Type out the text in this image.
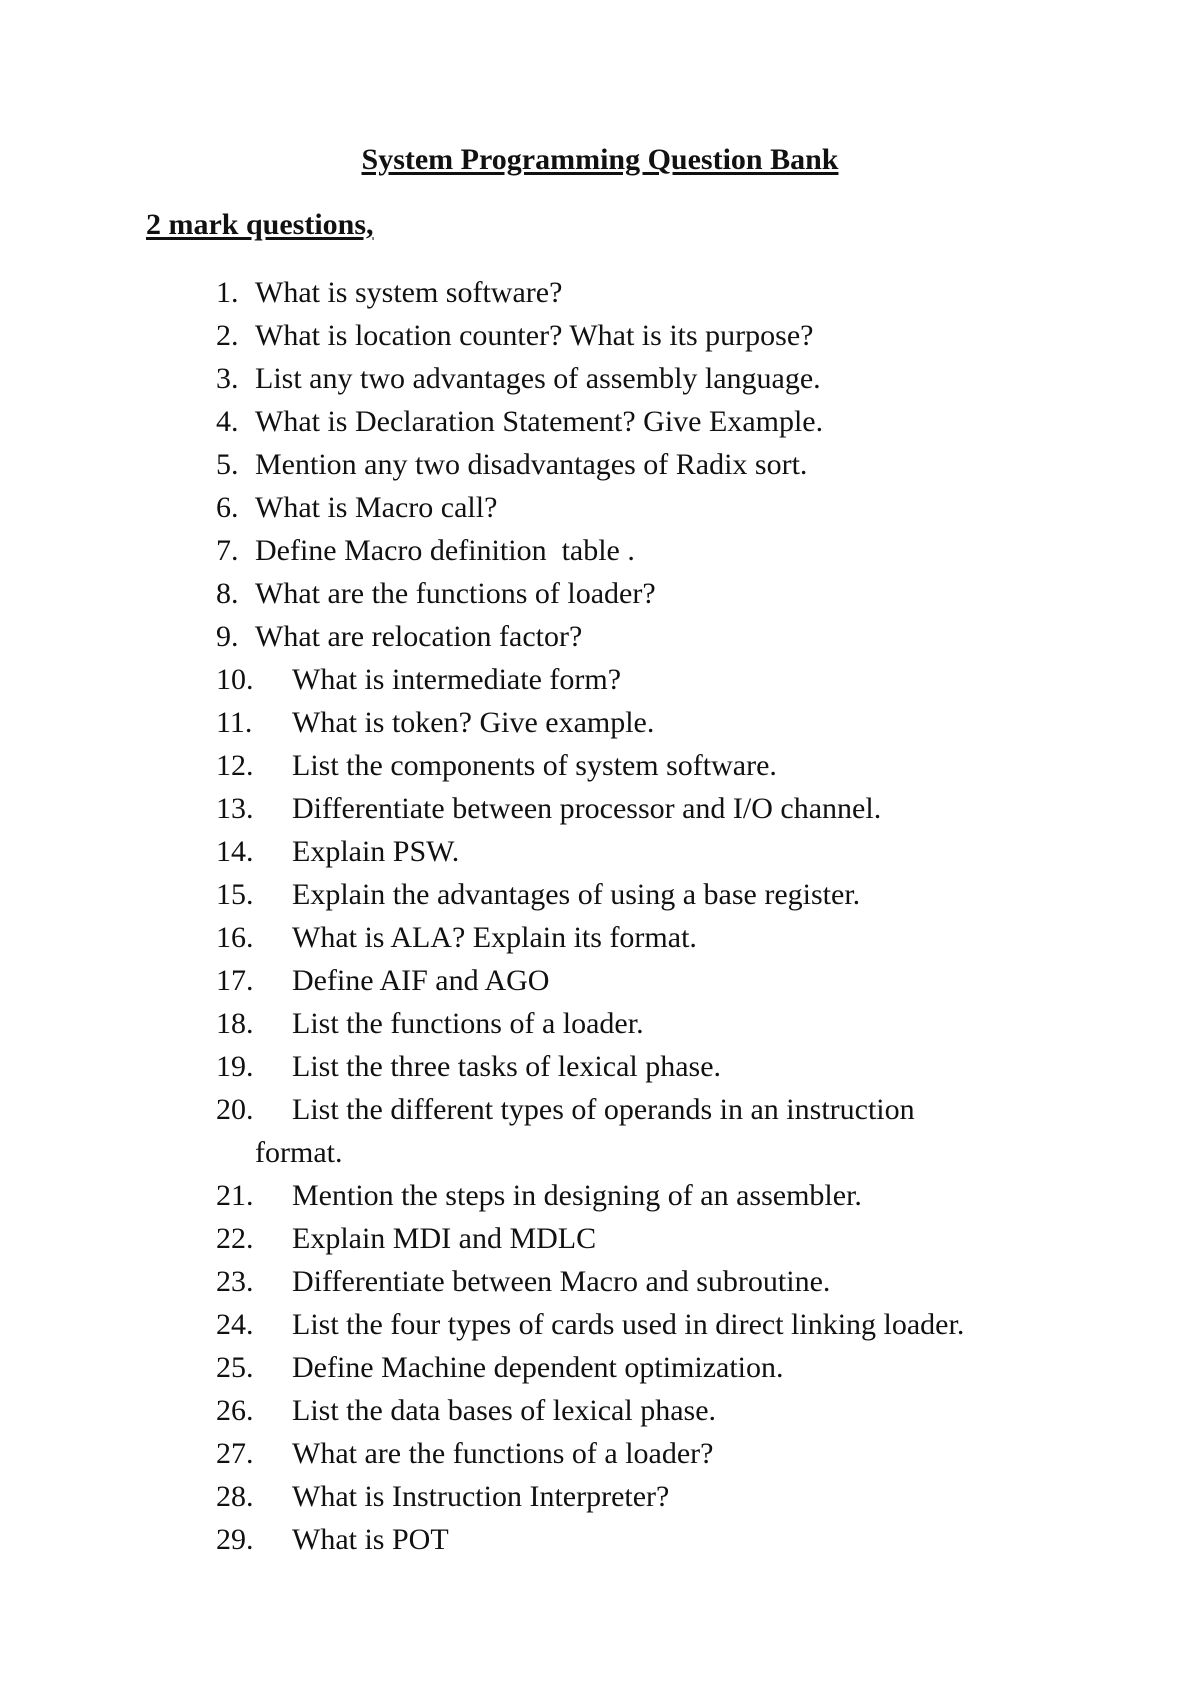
System Programming Question Bank
2 mark questions,
1. What is system software?
2. What is location counter? What is its purpose?
3. List any two advantages of assembly language.
4. What is Declaration Statement? Give Example.
5. Mention any two disadvantages of Radix sort.
6. What is Macro call?
7. Define Macro definition  table .
8. What are the functions of loader?
9. What are relocation factor?
10. What is intermediate form?
11. What is token? Give example.
12. List the components of system software.
13. Differentiate between processor and I/O channel.
14. Explain PSW.
15. Explain the advantages of using a base register.
16. What is ALA? Explain its format.
17. Define AIF and AGO
18. List the functions of a loader.
19. List the three tasks of lexical phase.
20. List the different types of operands in an instruction
format.
21. Mention the steps in designing of an assembler.
22. Explain MDI and MDLC
23. Differentiate between Macro and subroutine.
24. List the four types of cards used in direct linking loader.
25. Define Machine dependent optimization.
26. List the data bases of lexical phase.
27. What are the functions of a loader?
28. What is Instruction Interpreter?
29. What is POT
